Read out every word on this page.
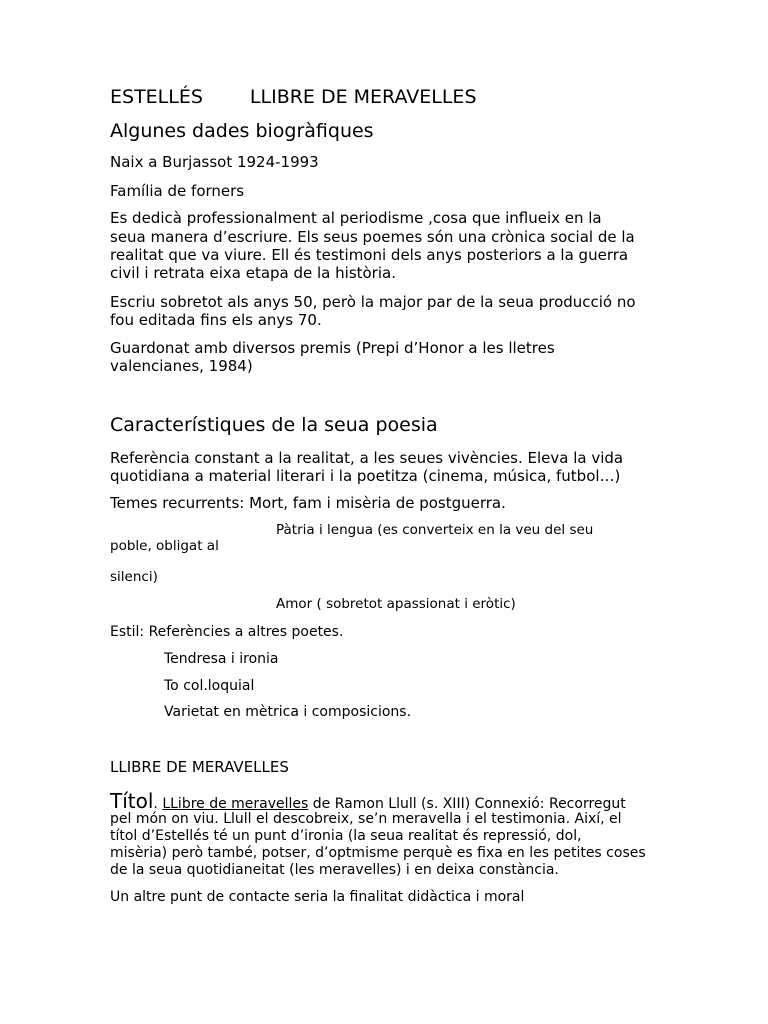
ESTELLÉS LLIBRE DE MERAVELLES
Algunes dades biogràfiques
Naix a Burjassot 1924-1993
Família de forners
Es dedicà professionalment al periodisme ,cosa que influeix en la
seua manera d’escriure. Els seus poemes són una crònica social de la
realitat que va viure. Ell és testimoni dels anys posteriors a la guerra
civil i retrata eixa etapa de la història.
Escriu sobretot als anys 50, però la major par de la seua producció no
fou editada fins els anys 70.
Guardonat amb diversos premis (Prepi d’Honor a les lletres
valencianes, 1984)
Característiques de la seua poesia
Referència constant a la realitat, a les seues vivències. Eleva la vida
quotidiana a material literari i la poetitza (cinema, música, futbol…)
Temes recurrents: Mort, fam i misèria de postguerra.
Pàtria i lengua (es converteix en la veu del seu
poble, obligat al
silenci)
Amor ( sobretot apassionat i eròtic)
Estil: Referències a altres poetes.
Tendresa i ironia
To col.loquial
Varietat en mètrica i composicions.
LLIBRE DE MERAVELLES
Títol. LLibre de meravelles de Ramon Llull (s. XIII) Connexió: Recorregut
pel món on viu. Llull el descobreix, se’n meravella i el testimonia. Així, el
títol d’Estellés té un punt d’ironia (la seua realitat és repressió, dol,
misèria) però també, potser, d’optmisme perquè es fixa en les petites coses
de la seua quotidianeitat (les meravelles) i en deixa constància.
Un altre punt de contacte seria la finalitat didàctica i moral
